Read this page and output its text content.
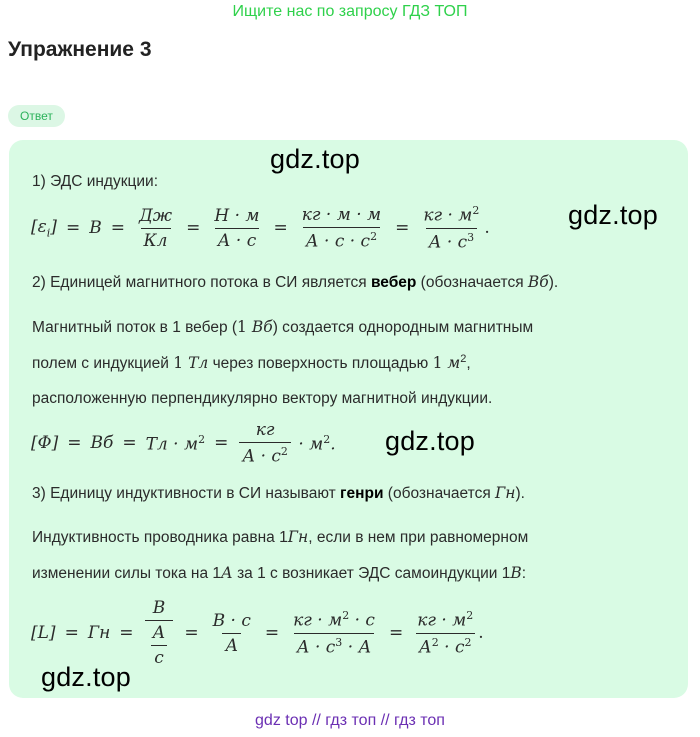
Ищите нас по запросу ГДЗ ТОП
Упражнение 3
Ответ
gdz.top
gdz.top
gdz.top
gdz.top
1) ЭДС индукции:
$[\varepsilon_i] = В = \frac{Дж}{Кл} = \frac{Н \cdot м}{А \cdot с} = \frac{кг \cdot м \cdot м}{А \cdot с \cdot с^2} = \frac{кг \cdot м^2}{А \cdot с^3}$ .
2) Единицей магнитного потока в СИ является вебер (обозначается Вб).
Магнитный поток в 1 вебер (1 Вб) создается однородным магнитным
полем с индукцией 1 Тл через поверхность площадью 1 $м^2$,
расположенную перпендикулярно вектору магнитной индукции.
[Φ] = Вб = Тл · $м^2 = \frac{кг}{А \cdot с^2} \cdot м^2$.
3) Единицу индуктивности в СИ называют генри (обозначается Гн).
Индуктивность проводника равна 1Гн, если в нем при равномерном
изменении силы тока на 1А за 1 с возникает ЭДС самоиндукции 1В:
[L] = Гн = $\frac{В}{\frac{А}{с}} = \frac{В \cdot с}{А} = \frac{кг \cdot м^2 \cdot с}{А \cdot с^3 \cdot А} = \frac{кг \cdot м^2}{А^2 \cdot с^2}$ .
gdz top // гдз топ // гдз топ
